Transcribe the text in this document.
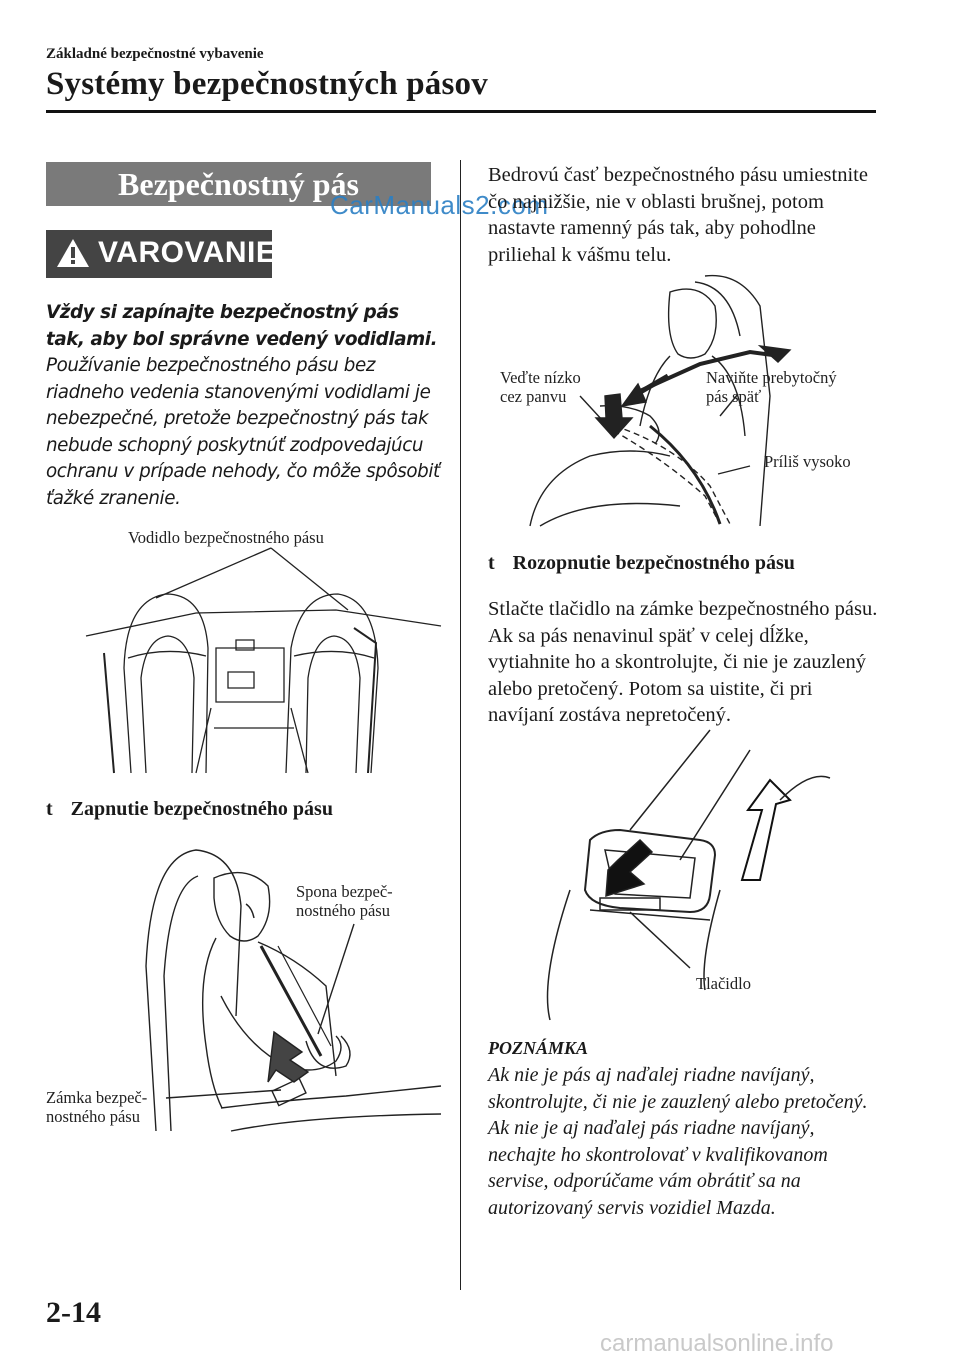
Základné bezpečnostné vybavenie
Systémy bezpečnostných pásov
Bezpečnostný pás
CarManuals2.com
VAROVANIE
Vždy si zapínajte bezpečnostný pás tak, aby bol správne vedený vodidlami.
Používanie bezpečnostného pásu bez riadneho vedenia stanovenými vodidlami je nebezpečné, pretože bezpečnostný pás tak nebude schopný poskytnúť zodpovedajúcu ochranu v prípade nehody, čo môže spôsobiť ťažké zranenie.
Vodidlo bezpečnostného pásu
t Zapnutie bezpečnostného pásu
Spona bezpeč-
nostného pásu
Zámka bezpeč-
nostného pásu
Bedrovú časť bezpečnostného pásu umiestnite čo najnižšie, nie v oblasti brušnej, potom nastavte ramenný pás tak, aby pohodlne priliehal k vášmu telu.
Veďte nízko
cez panvu
Naviňte prebytočný
pás späť
Príliš vysoko
t Rozopnutie bezpečnostného pásu
Stlačte tlačidlo na zámke bezpečnostného pásu. Ak sa pás nenavinul späť v celej dĺžke, vytiahnite ho a skontrolujte, či nie je zauzlený alebo pretočený. Potom sa uistite, či pri navíjaní zostáva nepretočený.
Tlačidlo
POZNÁMKA
Ak nie je pás aj naďalej riadne navíjaný, skontrolujte, či nie je zauzlený alebo pretočený. Ak nie je aj naďalej pás riadne navíjaný, nechajte ho skontrolovať v kvalifikovanom servise, odporúčame vám obrátiť sa na autorizovaný servis vozidiel Mazda.
2-14
carmanualsonline.info
